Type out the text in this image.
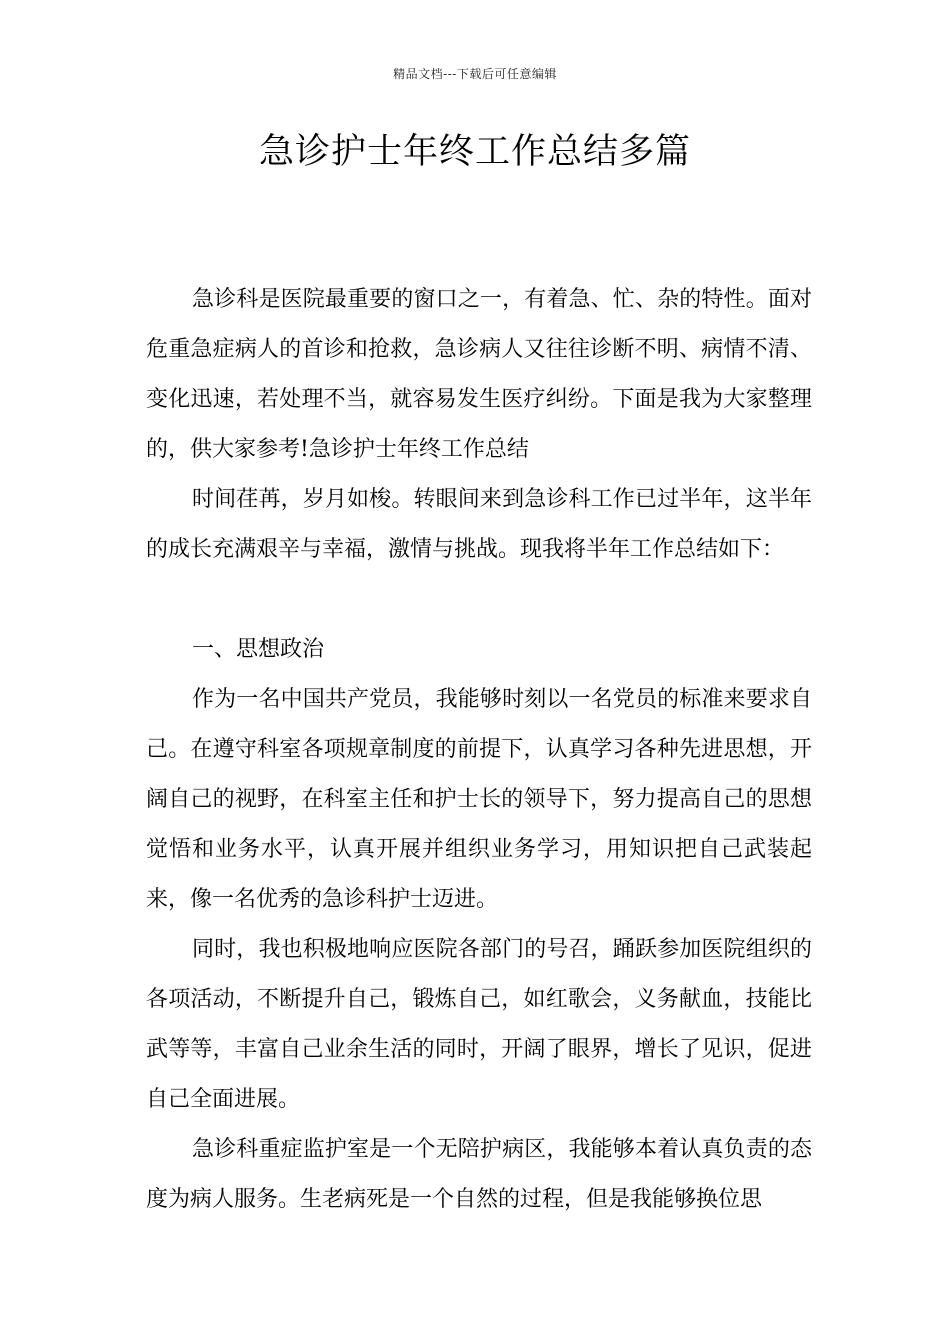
精品文档---下载后可任意编辑
急诊护士年终工作总结多篇

急诊科是医院最重要的窗口之一，有着急、忙、杂的特性。面对危重急症病人的首诊和抢救，急诊病人又往往诊断不明、病情不清、变化迅速，若处理不当，就容易发生医疗纠纷。下面是我为大家整理的，供大家参考!急诊护士年终工作总结

时间荏苒，岁月如梭。转眼间来到急诊科工作已过半年，这半年的成长充满艰辛与幸福，激情与挑战。现我将半年工作总结如下：

一、思想政治

作为一名中国共产党员，我能够时刻以一名党员的标准来要求自己。在遵守科室各项规章制度的前提下，认真学习各种先进思想，开阔自己的视野，在科室主任和护士长的领导下，努力提高自己的思想觉悟和业务水平，认真开展并组织业务学习，用知识把自己武装起来，像一名优秀的急诊科护士迈进。

同时，我也积极地响应医院各部门的号召，踊跃参加医院组织的各项活动，不断提升自己，锻炼自己，如红歌会，义务献血，技能比武等等，丰富自己业余生活的同时，开阔了眼界，增长了见识，促进自己全面进展。

急诊科重症监护室是一个无陪护病区，我能够本着认真负责的态度为病人服务。生老病死是一个自然的过程，但是我能够换位思
